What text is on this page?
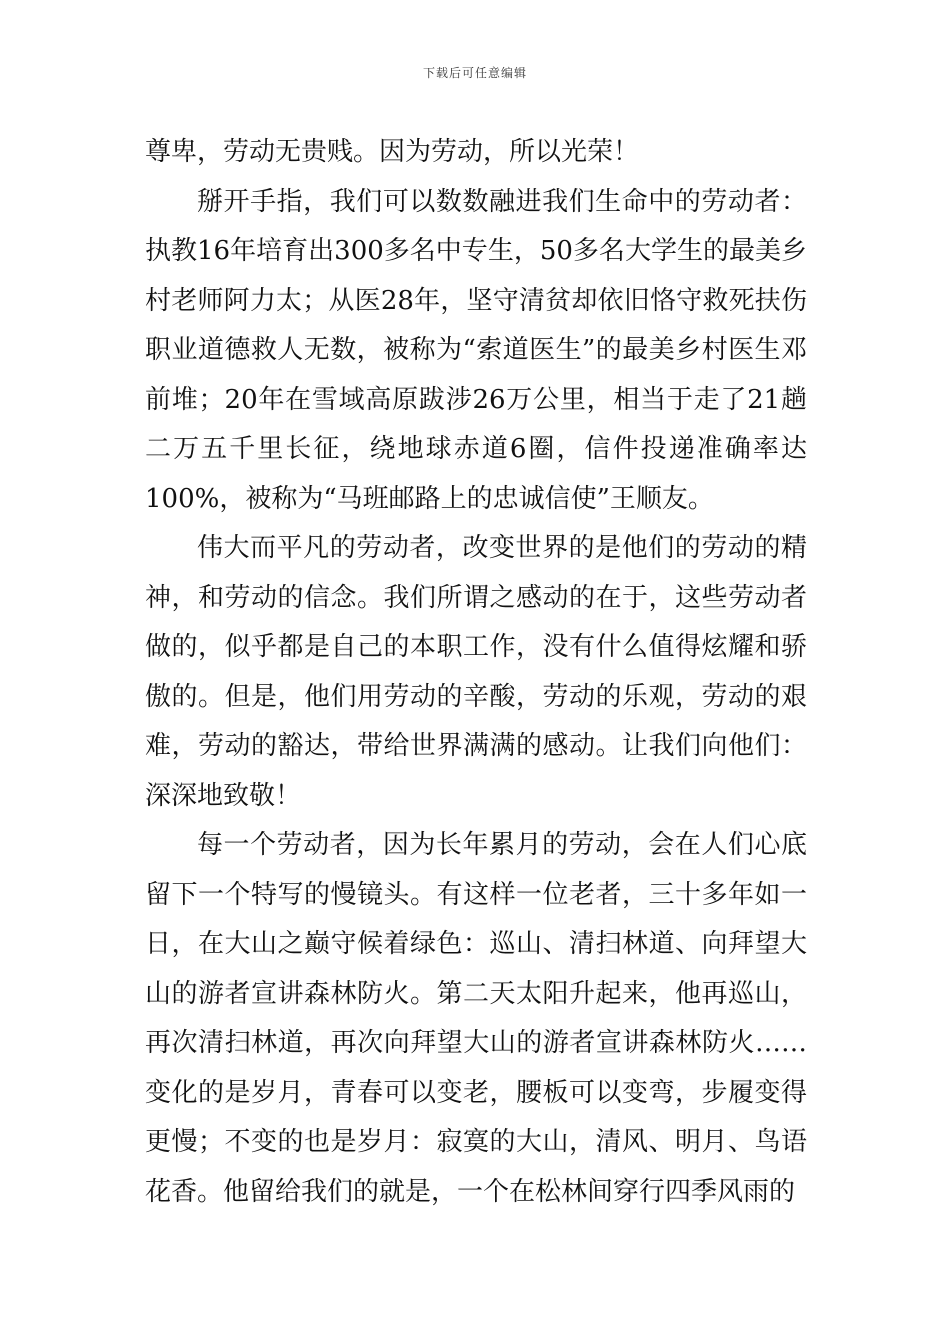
下载后可任意编辑

尊卑，劳动无贵贱。因为劳动，所以光荣！

掰开手指，我们可以数数融进我们生命中的劳动者：执教16年培育出300多名中专生，50多名大学生的最美乡村老师阿力太；从医28年，坚守清贫却依旧恪守救死扶伤职业道德救人无数，被称为“索道医生”的最美乡村医生邓前堆；20年在雪域高原跋涉26万公里，相当于走了21趟二万五千里长征，绕地球赤道6圈，信件投递准确率达100%，被称为“马班邮路上的忠诚信使”王顺友。

伟大而平凡的劳动者，改变世界的是他们的劳动的精神，和劳动的信念。我们所谓之感动的在于，这些劳动者做的，似乎都是自己的本职工作，没有什么值得炫耀和骄傲的。但是，他们用劳动的辛酸，劳动的乐观，劳动的艰难，劳动的豁达，带给世界满满的感动。让我们向他们：深深地致敬！

每一个劳动者，因为长年累月的劳动，会在人们心底留下一个特写的慢镜头。有这样一位老者，三十多年如一日，在大山之巅守候着绿色：巡山、清扫林道、向拜望大山的游者宣讲森林防火。第二天太阳升起来，他再巡山，再次清扫林道，再次向拜望大山的游者宣讲森林防火……变化的是岁月，青春可以变老，腰板可以变弯，步履变得更慢；不变的也是岁月：寂寞的大山，清风、明月、鸟语花香。他留给我们的就是，一个在松林间穿行四季风雨的
